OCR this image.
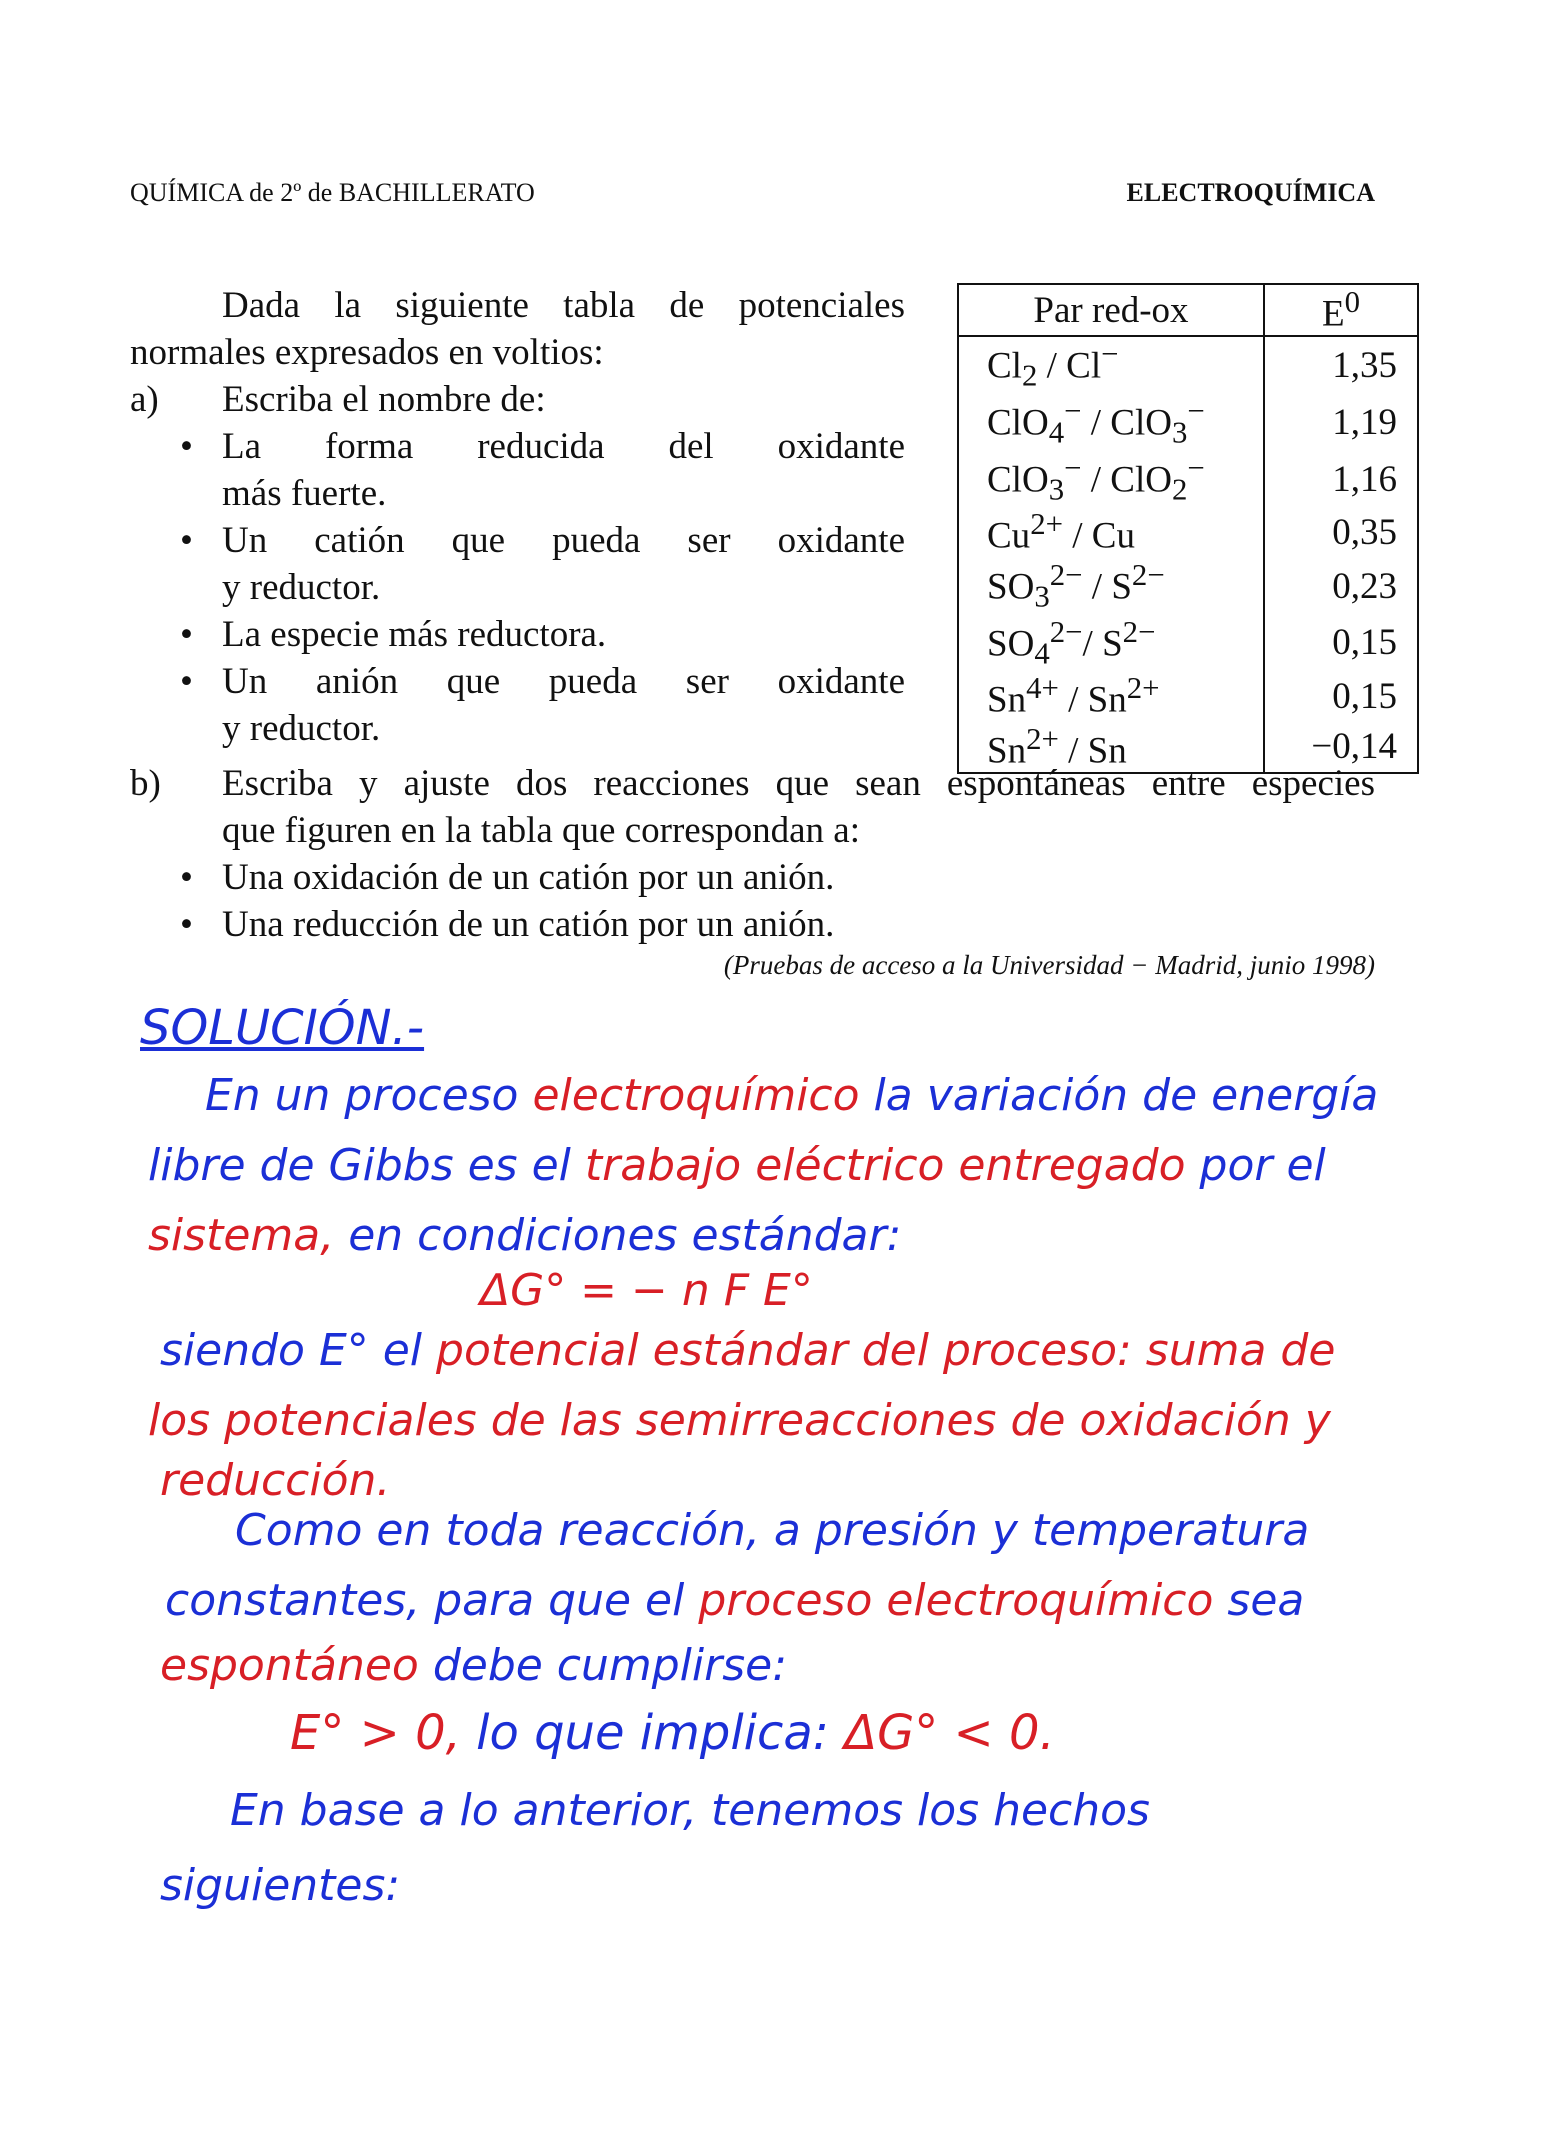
QUÍMICA de 2º de BACHILLERATO	ELECTROQUÍMICA

Dada la siguiente tabla de potenciales

normales expresados en voltios:

a) Escriba el nombre de:
• La forma reducida del oxidante
más fuerte.
• Un catión que pueda ser oxidante
y reductor.
• La especie más reductora.
• Un anión que pueda ser oxidante
y reductor.
Par red-ox	$E^0$
$Cl_2 / Cl^-$	1,35
ClO$_4$− / ClO$_3$−	1,19
ClO$_3$− / ClO$_2$−	1,16
$Cu^{2+}$ / Cu	0,35
$SO_3^{2-} / S^{2-}$	0,23
$SO_4^{2-}/$ $S^{2-}$	0,15
$Sn^{4+} / Sn^{2+}$	0,15
$Sn^{2+}$ / Sn	−0,14
b) Escriba y ajuste dos reacciones que sean espontáneas entre especies
que figuren en la tabla que correspondan a:
• Una oxidación de un catión por un anión.
• Una reducción de un catión por un anión.
(Pruebas de acceso a la Universidad − Madrid, junio 1998)
SOLUCIÓN.-
En un proceso electroquímico la variación de energía
libre de Gibbs es el trabajo eléctrico entregado por el
sistema, en condiciones estándar:
ΔG° = − n F E°
siendo E° el potencial estándar del proceso: suma de
los potenciales de las semirreacciones de oxidación y
reducción.
Como en toda reacción, a presión y temperatura
constantes, para que el proceso electroquímico sea
espontáneo debe cumplirse:
E° > 0, lo que implica: ΔG° < 0.
En base a lo anterior, tenemos los hechos
siguientes:
